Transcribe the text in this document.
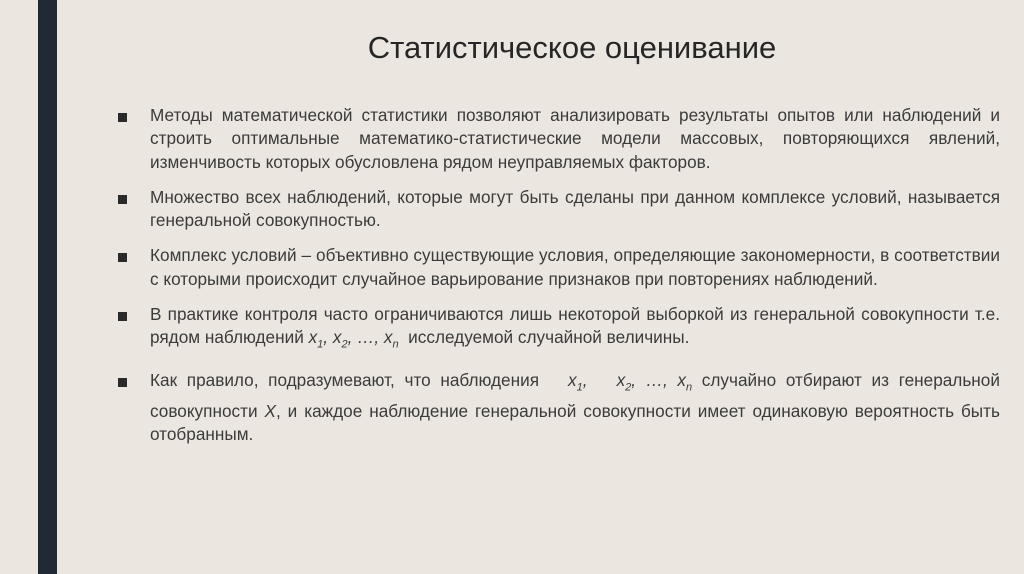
Статистическое оценивание
Методы математической статистики позволяют анализировать результаты опытов или наблюдений и строить оптимальные математико-статистические модели массовых, повторяющихся явлений, изменчивость которых обусловлена рядом неуправляемых факторов.
Множество всех наблюдений, которые могут быть сделаны при данном комплексе условий, называется генеральной совокупностью.
Комплекс условий – объективно существующие условия, определяющие закономерности, в соответствии с которыми происходит случайное варьирование признаков при повторениях наблюдений.
В практике контроля часто ограничиваются лишь некоторой выборкой из генеральной совокупности т.е. рядом наблюдений $x_1$, $x_2$, …, $x_n$ исследуемой случайной величины.
Как правило, подразумевают, что наблюдения   $x_1$,   $x_2$, …, $x_n$ случайно отбирают из генеральной совокупности X, и каждое наблюдение генеральной совокупности имеет одинаковую вероятность быть отобранным.
